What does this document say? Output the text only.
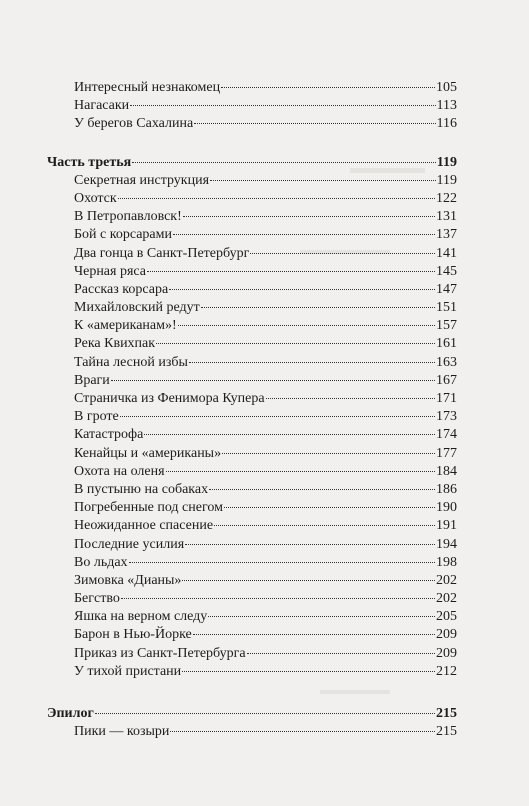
Интересный незнакомец	105
Нагасаки	113
У берегов Сахалина	116
Часть третья	119
Секретная инструкция	119
Охотск	122
В Петропавловск!	131
Бой с корсарами	137
Два гонца в Санкт-Петербург	141
Черная ряса	145
Рассказ корсара	147
Михайловский редут	151
К «американам»!	157
Река Квихпак	161
Тайна лесной избы	163
Враги	167
Страничка из Фенимора Купера	171
В гроте	173
Катастрофа	174
Кенайцы и «американы»	177
Охота на оленя	184
В пустыню на собаках	186
Погребенные под снегом	190
Неожиданное спасение	191
Последние усилия	194
Во льдах	198
Зимовка «Дианы»	202
Бегство	202
Яшка на верном следу	205
Барон в Нью-Йорке	209
Приказ из Санкт-Петербурга	209
У тихой пристани	212
Эпилог	215
Пики — козыри	215
